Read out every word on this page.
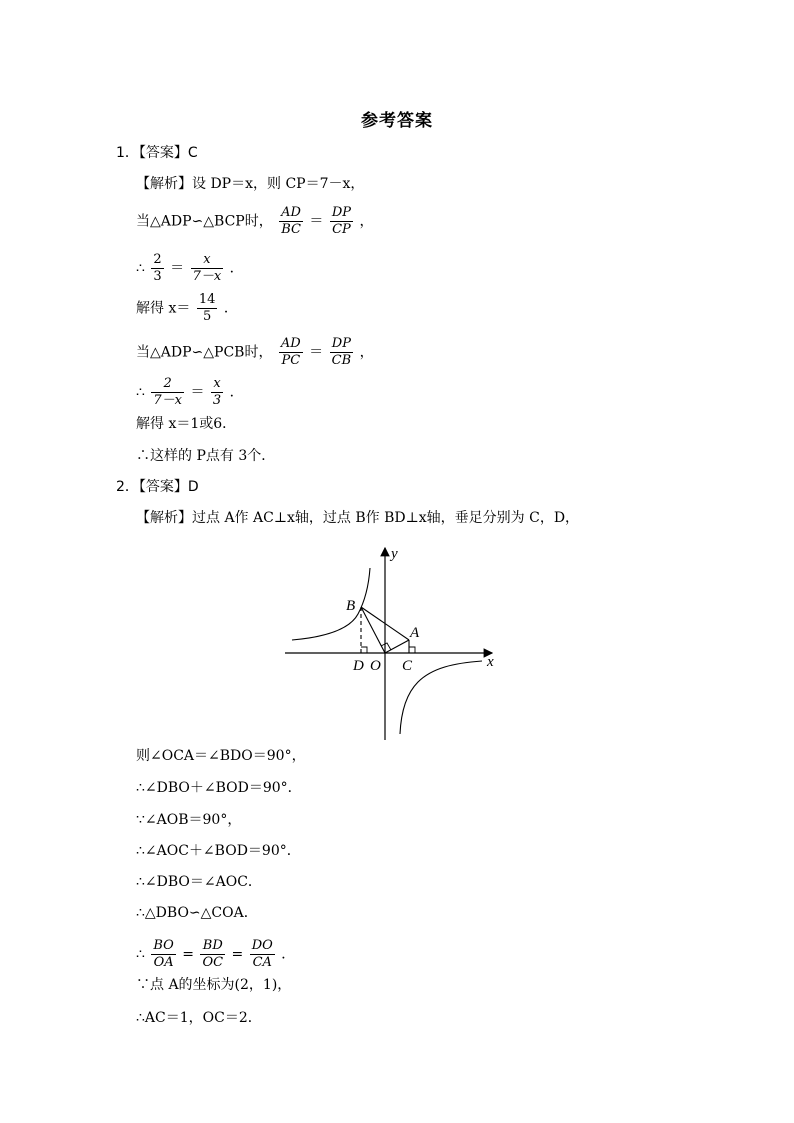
参考答案
1．【答案】C
【解析】设 DP＝x，则 CP＝7－x，
当△ADP∽△BCP时， $\frac{AD}{BC} = \frac{DP}{CP}$ ，
∴ $\frac{2}{3} = \frac{x}{7-x}$ ．
解得 $x= \frac{14}{5}$ ．
当△ADP∽△PCB时， $\frac{AD}{PC} = \frac{DP}{CB}$ ，
∴ $\frac{2}{7-x} = \frac{x}{3}$ ．
解得 x＝1或6．
∴这样的 P点有 3个．
2．【答案】D
【解析】过点 A作 AC⊥x轴，过点 B作 BD⊥x轴，垂足分别为 C，D，
y
x
B
A
D O C
则∠OCA＝∠BDO＝90°，
∴∠DBO＋∠BOD＝90°．
∵∠AOB＝90°，
∴∠AOC＋∠BOD＝90°．
∴∠DBO＝∠AOC．
∴△DBO∽△COA．
∴ $\frac{BO}{OA} = \frac{BD}{OC} = \frac{DO}{CA}$ ．
∵点 A的坐标为(2，1)，
∴AC＝1，OC＝2．
